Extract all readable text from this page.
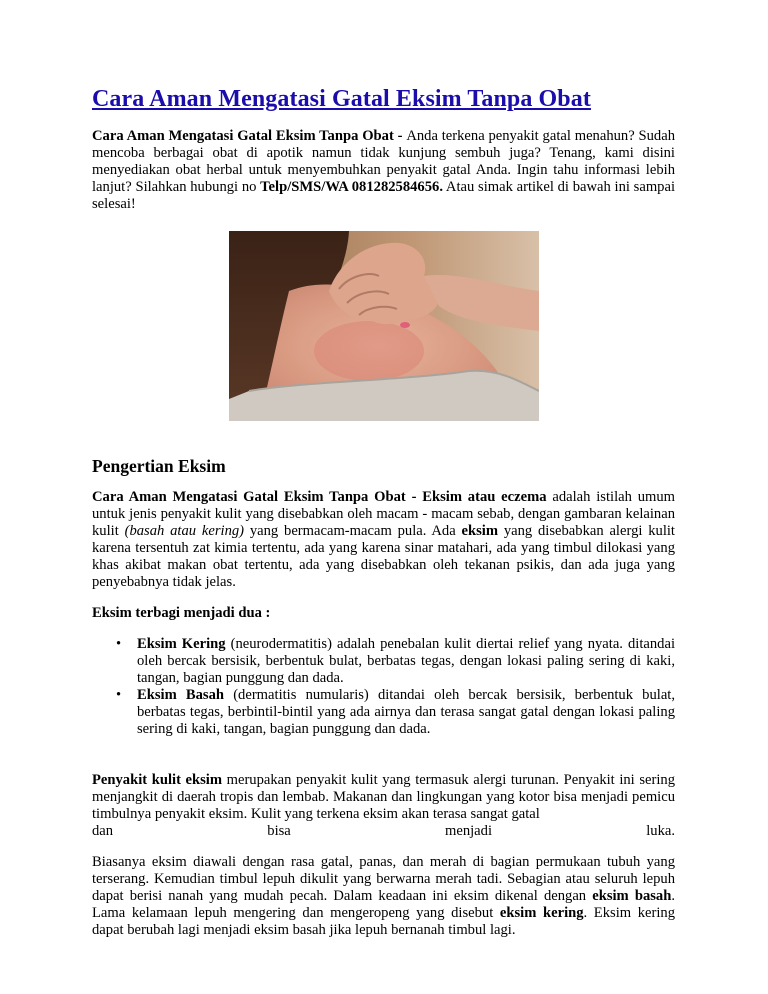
Cara Aman Mengatasi Gatal Eksim Tanpa Obat

Cara Aman Mengatasi Gatal Eksim Tanpa Obat - Anda terkena penyakit gatal menahun? Sudah mencoba berbagai obat di apotik namun tidak kunjung sembuh juga? Tenang, kami disini menyediakan obat herbal untuk menyembuhkan penyakit gatal Anda. Ingin tahu informasi lebih lanjut? Silahkan hubungi no Telp/SMS/WA 081282584656. Atau simak artikel di bawah ini sampai selesai!

Pengertian Eksim

Cara Aman Mengatasi Gatal Eksim Tanpa Obat - Eksim atau eczema adalah istilah umum untuk jenis penyakit kulit yang disebabkan oleh macam - macam sebab, dengan gambaran kelainan kulit (basah atau kering) yang bermacam-macam pula. Ada eksim yang disebabkan alergi kulit karena tersentuh zat kimia tertentu, ada yang karena sinar matahari, ada yang timbul dilokasi yang khas akibat makan obat tertentu, ada yang disebabkan oleh tekanan psikis, dan ada juga yang penyebabnya tidak jelas.

Eksim terbagi menjadi dua :

• Eksim Kering (neurodermatitis) adalah penebalan kulit diertai relief yang nyata. ditandai oleh bercak bersisik, berbentuk bulat, berbatas tegas, dengan lokasi paling sering di kaki, tangan, bagian punggung dan dada.
• Eksim Basah (dermatitis numularis) ditandai oleh bercak bersisik, berbentuk bulat, berbatas tegas, berbintil-bintil yang ada airnya dan terasa sangat gatal dengan lokasi paling sering di kaki, tangan, bagian punggung dan dada.

Penyakit kulit eksim merupakan penyakit kulit yang termasuk alergi turunan. Penyakit ini sering menjangkit di daerah tropis dan lembab. Makanan dan lingkungan yang kotor bisa menjadi pemicu timbulnya penyakit eksim. Kulit yang terkena eksim akan terasa sangat gatal

dan	bisa	menjadi	luka.

Biasanya eksim diawali dengan rasa gatal, panas, dan merah di bagian permukaan tubuh yang terserang. Kemudian timbul lepuh dikulit yang berwarna merah tadi. Sebagian atau seluruh lepuh dapat berisi nanah yang mudah pecah. Dalam keadaan ini eksim dikenal dengan eksim basah. Lama kelamaan lepuh mengering dan mengeropeng yang disebut eksim kering. Eksim kering dapat berubah lagi menjadi eksim basah jika lepuh bernanah timbul lagi.
